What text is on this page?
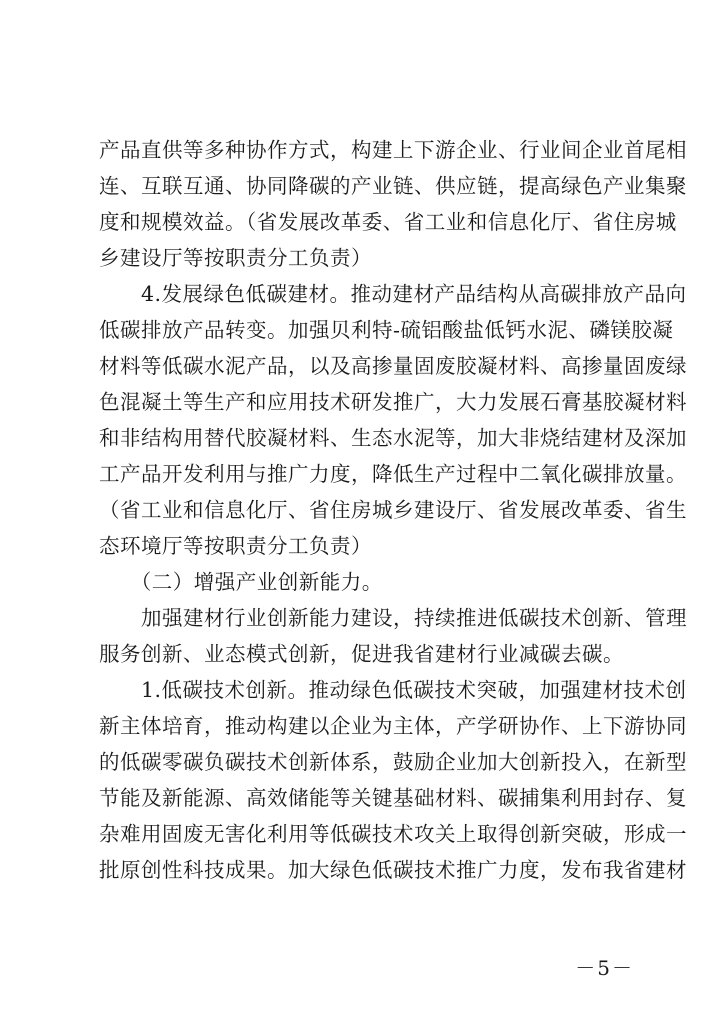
产品直供等多种协作方式，构建上下游企业、行业间企业首尾相
连、互联互通、协同降碳的产业链、供应链，提高绿色产业集聚
度和规模效益。（省发展改革委、省工业和信息化厅、省住房城
乡建设厅等按职责分工负责）
　　4.发展绿色低碳建材。推动建材产品结构从高碳排放产品向
低碳排放产品转变。加强贝利特-硫铝酸盐低钙水泥、磷镁胶凝
材料等低碳水泥产品，以及高掺量固废胶凝材料、高掺量固废绿
色混凝土等生产和应用技术研发推广，大力发展石膏基胶凝材料
和非结构用替代胶凝材料、生态水泥等，加大非烧结建材及深加
工产品开发利用与推广力度，降低生产过程中二氧化碳排放量。
（省工业和信息化厅、省住房城乡建设厅、省发展改革委、省生
态环境厅等按职责分工负责）
　　（二）增强产业创新能力。
　　加强建材行业创新能力建设，持续推进低碳技术创新、管理
服务创新、业态模式创新，促进我省建材行业减碳去碳。
　　1.低碳技术创新。推动绿色低碳技术突破，加强建材技术创
新主体培育，推动构建以企业为主体，产学研协作、上下游协同
的低碳零碳负碳技术创新体系，鼓励企业加大创新投入，在新型
节能及新能源、高效储能等关键基础材料、碳捕集利用封存、复
杂难用固废无害化利用等低碳技术攻关上取得创新突破，形成一
批原创性科技成果。加大绿色低碳技术推广力度，发布我省建材
－5－
